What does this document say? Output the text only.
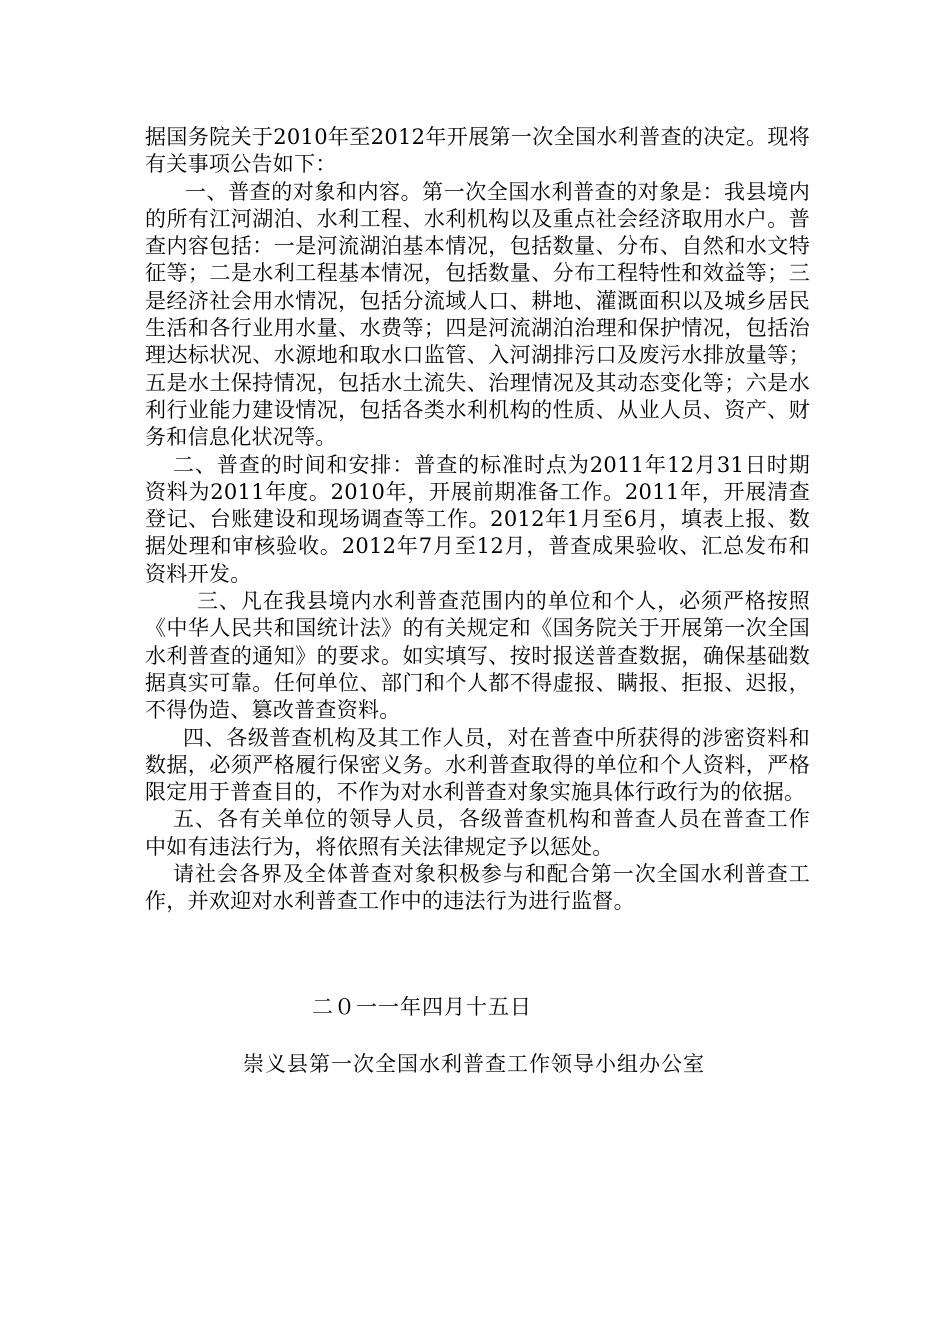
据国务院关于2010年至2012年开展第一次全国水利普查的决定。现将有关事项公告如下：

一、普查的对象和内容。第一次全国水利普查的对象是：我县境内的所有江河湖泊、水利工程、水利机构以及重点社会经济取用水户。普查内容包括：一是河流湖泊基本情况，包括数量、分布、自然和水文特征等；二是水利工程基本情况，包括数量、分布工程特性和效益等；三是经济社会用水情况，包括分流域人口、耕地、灌溉面积以及城乡居民生活和各行业用水量、水费等；四是河流湖泊治理和保护情况，包括治理达标状况、水源地和取水口监管、入河湖排污口及废污水排放量等；五是水土保持情况，包括水土流失、治理情况及其动态变化等；六是水利行业能力建设情况，包括各类水利机构的性质、从业人员、资产、财务和信息化状况等。

二、普查的时间和安排：普查的标准时点为2011年12月31日时期资料为2011年度。2010年，开展前期准备工作。2011年，开展清查登记、台账建设和现场调查等工作。2012年1月至6月，填表上报、数据处理和审核验收。2012年7月至12月，普查成果验收、汇总发布和资料开发。

三、凡在我县境内水利普查范围内的单位和个人，必须严格按照《中华人民共和国统计法》的有关规定和《国务院关于开展第一次全国水利普查的通知》的要求。如实填写、按时报送普查数据，确保基础数据真实可靠。任何单位、部门和个人都不得虚报、瞒报、拒报、迟报，不得伪造、篡改普查资料。

四、各级普查机构及其工作人员，对在普查中所获得的涉密资料和数据，必须严格履行保密义务。水利普查取得的单位和个人资料，严格限定用于普查目的，不作为对水利普查对象实施具体行政行为的依据。

五、各有关单位的领导人员，各级普查机构和普查人员在普查工作中如有违法行为，将依照有关法律规定予以惩处。

请社会各界及全体普查对象积极参与和配合第一次全国水利普查工作，并欢迎对水利普查工作中的违法行为进行监督。

二０一一年四月十五日
崇义县第一次全国水利普查工作领导小组办公室
